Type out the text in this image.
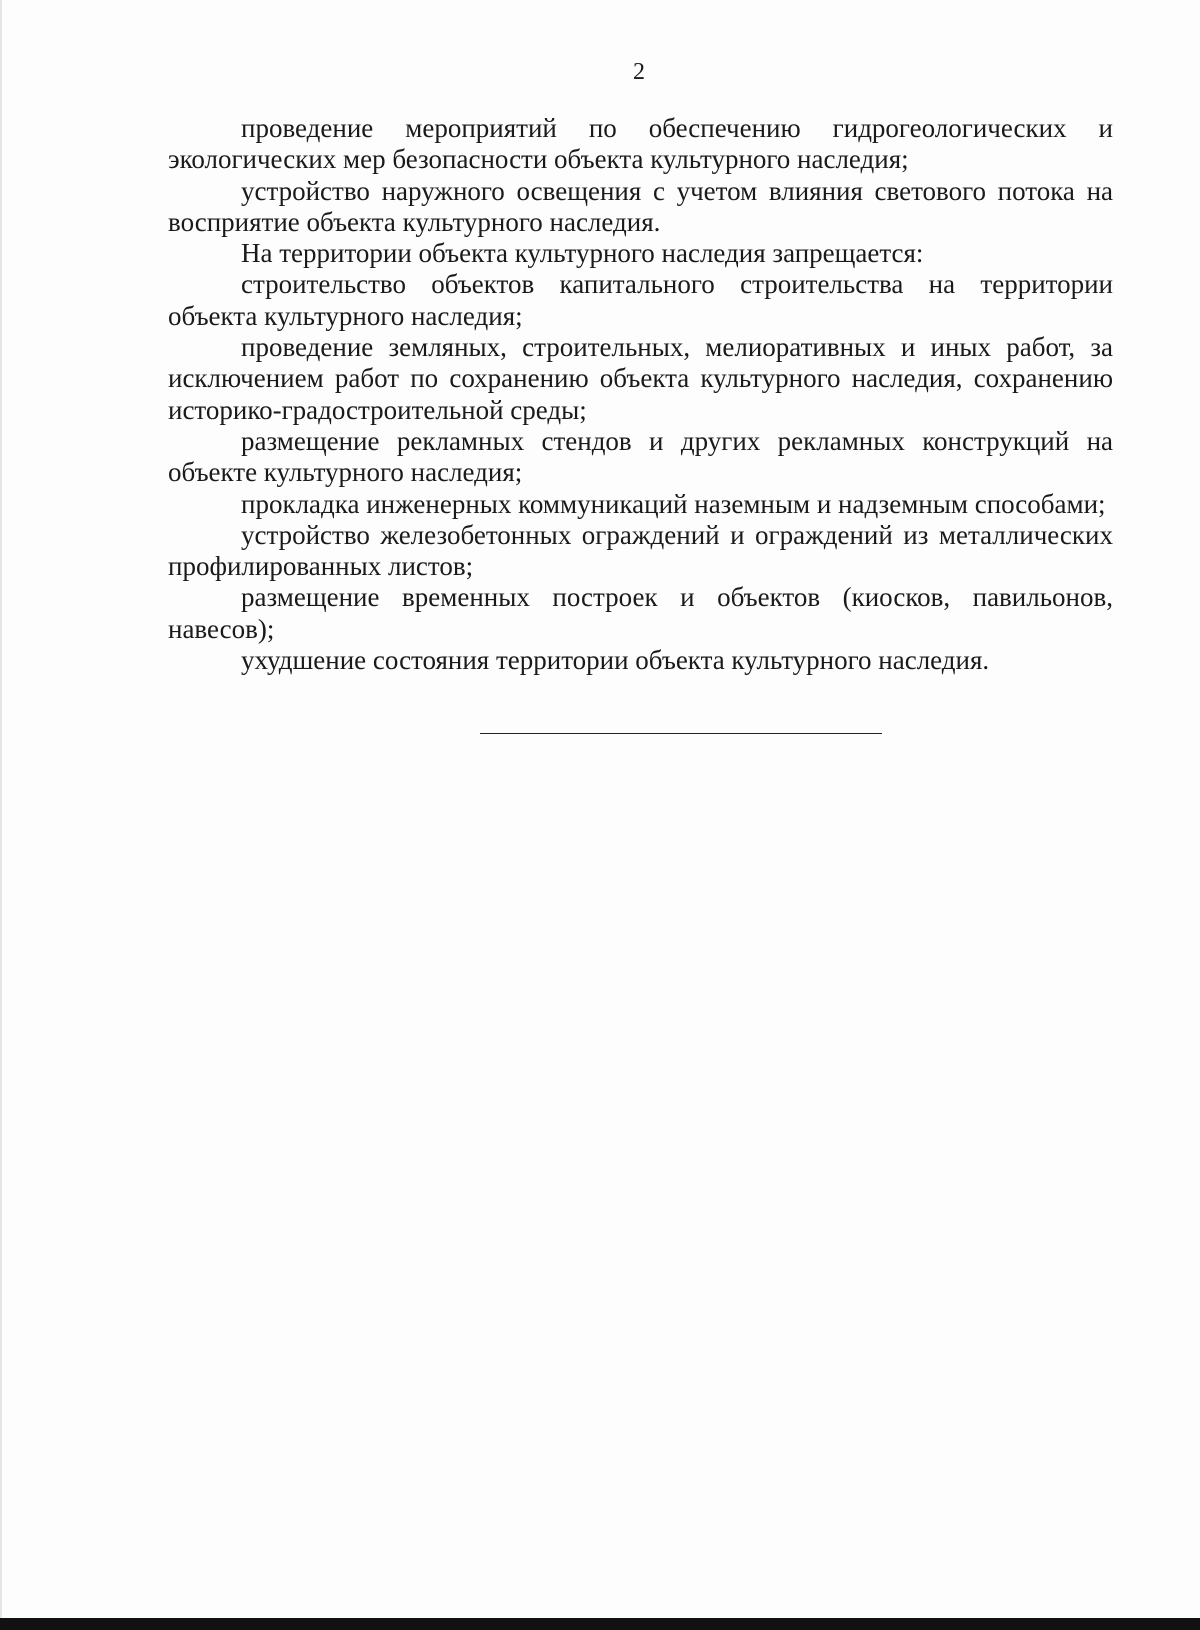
2

проведение мероприятий по обеспечению гидрогеологических и экологических мер безопасности объекта культурного наследия;

устройство наружного освещения с учетом влияния светового потока на восприятие объекта культурного наследия.

На территории объекта культурного наследия запрещается:

строительство объектов капитального строительства на территории объекта культурного наследия;

проведение земляных, строительных, мелиоративных и иных работ, за исключением работ по сохранению объекта культурного наследия, сохранению историко-градостроительной среды;

размещение рекламных стендов и других рекламных конструкций на объекте культурного наследия;

прокладка инженерных коммуникаций наземным и надземным способами;

устройство железобетонных ограждений и ограждений из металлических профилированных листов;

размещение временных построек и объектов (киосков, павильонов, навесов);

ухудшение состояния территории объекта культурного наследия.
